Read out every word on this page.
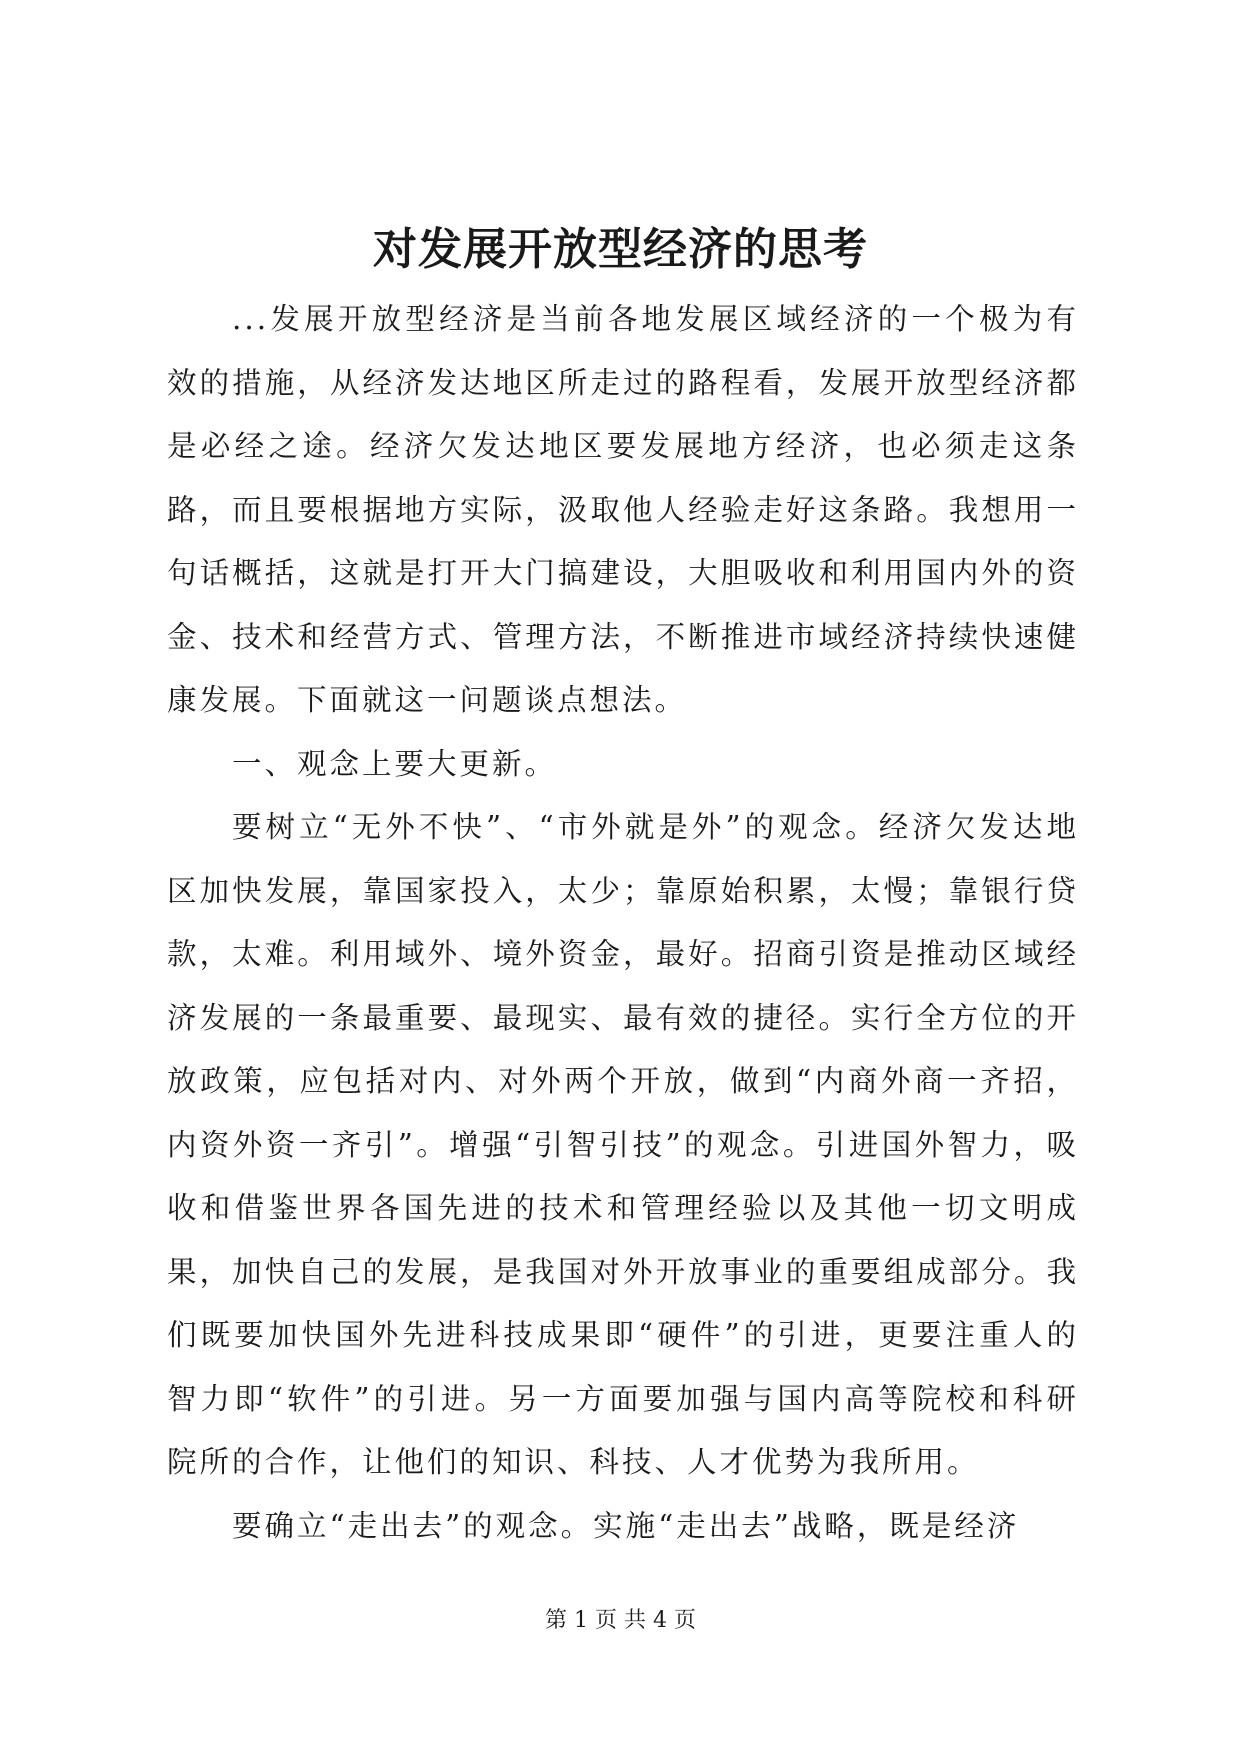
对发展开放型经济的思考

...发展开放型经济是当前各地发展区域经济的一个极为有效的措施，从经济发达地区所走过的路程看，发展开放型经济都是必经之途。经济欠发达地区要发展地方经济，也必须走这条路，而且要根据地方实际，汲取他人经验走好这条路。我想用一句话概括，这就是打开大门搞建设，大胆吸收和利用国内外的资金、技术和经营方式、管理方法，不断推进市域经济持续快速健康发展。下面就这一问题谈点想法。

一、观念上要大更新。

要树立“无外不快”、“市外就是外”的观念。经济欠发达地区加快发展，靠国家投入，太少；靠原始积累，太慢；靠银行贷款，太难。利用域外、境外资金，最好。招商引资是推动区域经济发展的一条最重要、最现实、最有效的捷径。实行全方位的开放政策，应包括对内、对外两个开放，做到“内商外商一齐招，内资外资一齐引”。增强“引智引技”的观念。引进国外智力，吸收和借鉴世界各国先进的技术和管理经验以及其他一切文明成果，加快自己的发展，是我国对外开放事业的重要组成部分。我们既要加快国外先进科技成果即“硬件”的引进，更要注重人的智力即“软件”的引进。另一方面要加强与国内高等院校和科研院所的合作，让他们的知识、科技、人才优势为我所用。

要确立“走出去”的观念。实施“走出去”战略，既是经济

第 1 页 共 4 页
